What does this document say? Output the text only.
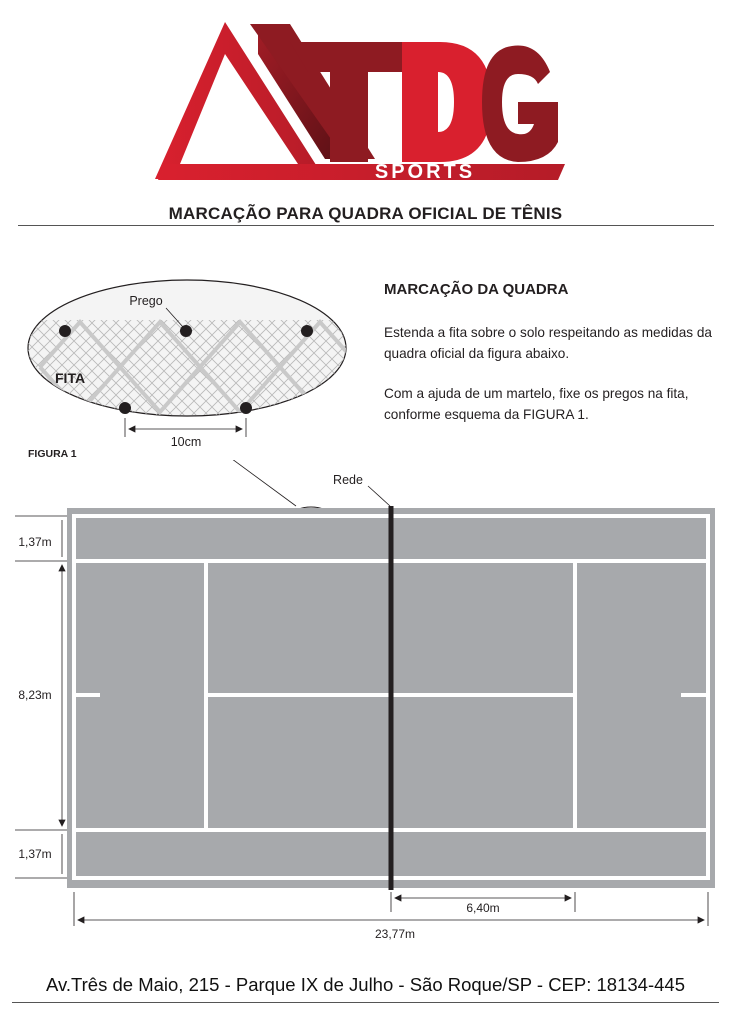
SPORTS
MARCAÇÃO PARA QUADRA OFICIAL DE TÊNIS
MARCAÇÃO DA QUADRA
Estenda a fita sobre o solo respeitando as medidas da quadra oficial da figura abaixo.
Com a ajuda de um martelo, fixe os pregos na fita, conforme esquema da FIGURA 1.
Prego
FITA
10cm
FIGURA 1
Rede
1,37m
8,23m
1,37m
6,40m
23,77m
Av.Três de Maio, 215 - Parque IX de Julho - São Roque/SP - CEP: 18134-445
